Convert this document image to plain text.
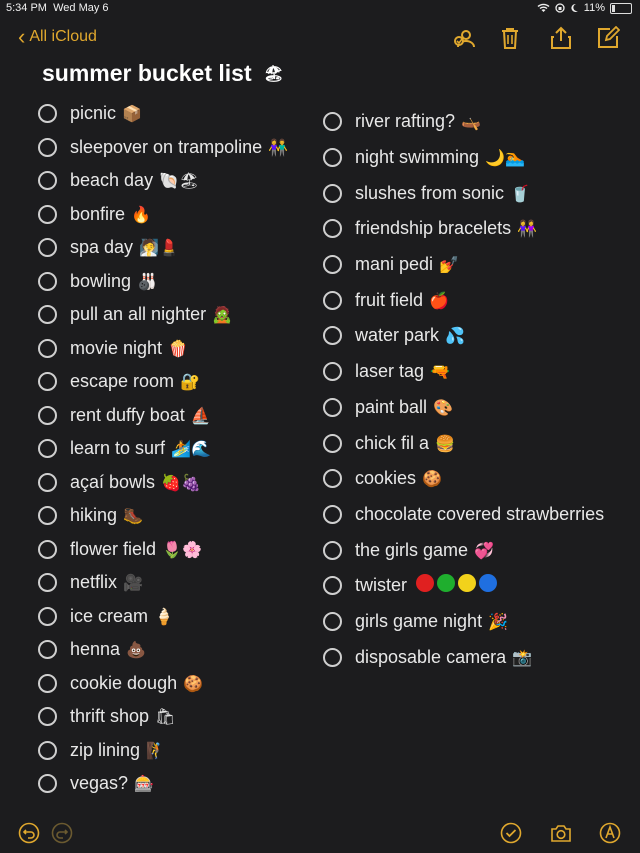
5:34 PM Wed May 6	11%
‹ All iCloud
summer bucket list 🏖
picnic 📦
sleepover on trampoline 👫
beach day 🐚🏖
bonfire 🔥
spa day 🧖💄
bowling 🎳
pull an all nighter 🧟
movie night 🍿
escape room 🔐
rent duffy boat ⛵
learn to surf 🏄🌊
açaí bowls 🍓🍇
hiking 🥾
flower field 🌷🌸
netflix 🎥
ice cream 🍦
henna 💩
cookie dough 🍪
thrift shop 🛍
zip lining 🧗
vegas? 🎰
river rafting? 🛶
night swimming 🌙🏊
slushes from sonic 🥤
friendship bracelets 👭
mani pedi 💅
fruit field 🍎
water park 💦
laser tag 🔫
paint ball 🎨
chick fil a 🍔
cookies 🍪
chocolate covered strawberries
the girls game 💞
twister
girls game night 🎉
disposable camera 📸
